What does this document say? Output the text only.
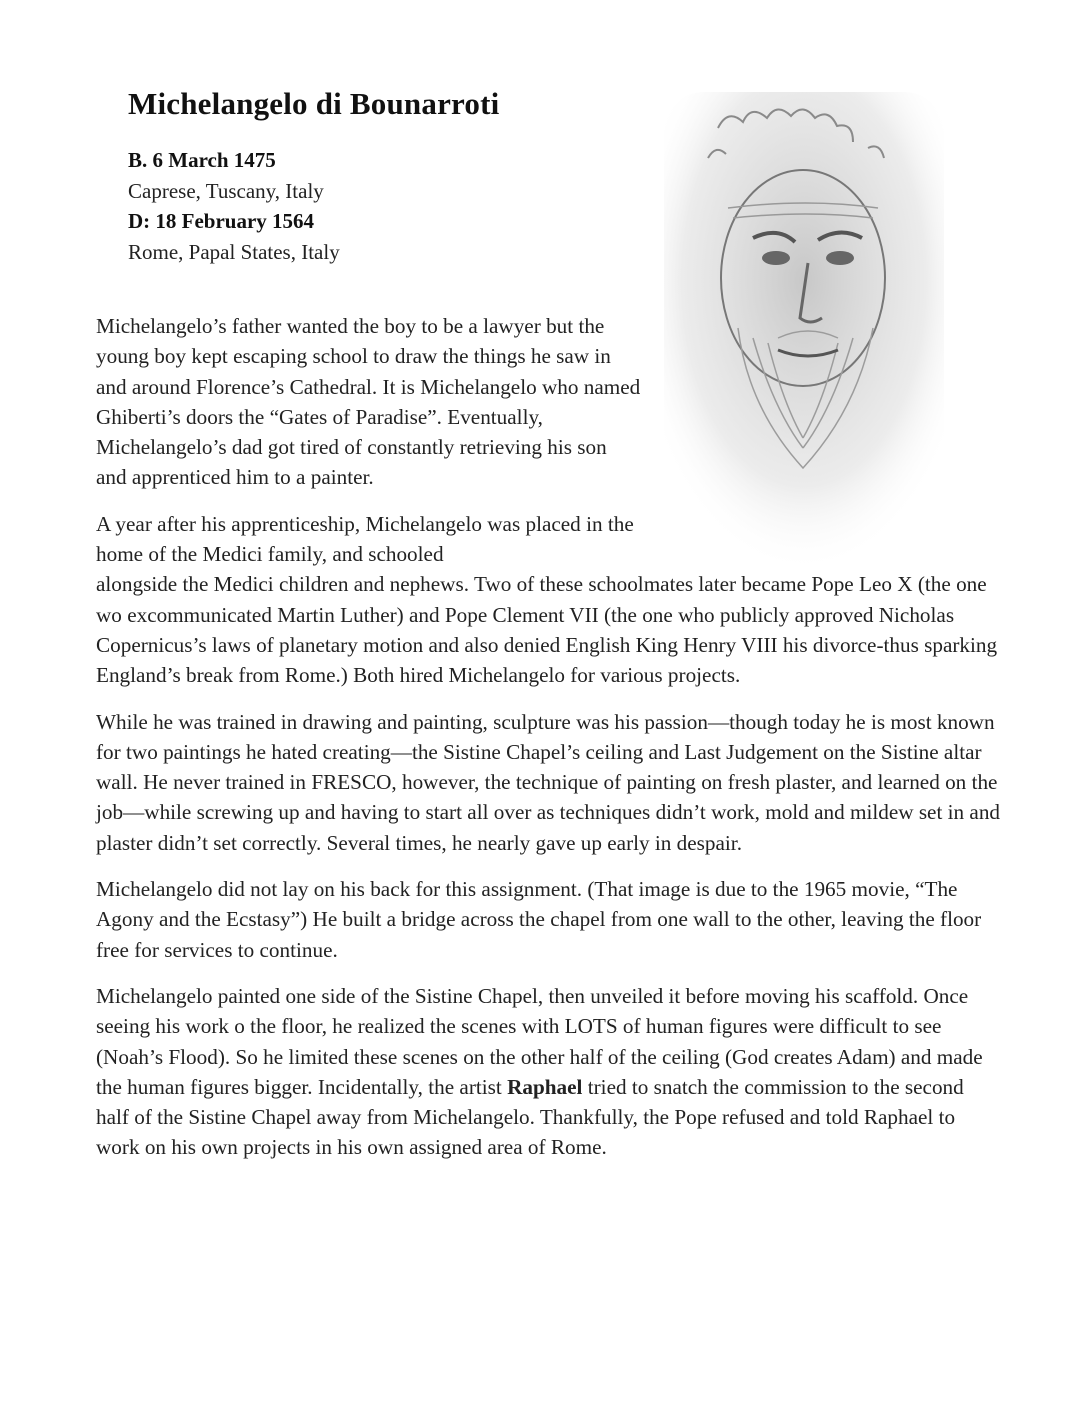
Michelangelo di Bounarroti
B. 6 March 1475
Caprese, Tuscany, Italy
D: 18 February 1564
Rome, Papal States, Italy

Michelangelo’s father wanted the boy to be a lawyer but the young boy kept escaping school to draw the things he saw in and around Florence’s Cathedral. It is Michelangelo who named Ghiberti’s doors the “Gates of Paradise”. Eventually, Michelangelo’s dad got tired of constantly retrieving his son and apprenticed him to a painter.

A year after his apprenticeship, Michelangelo was placed in the home of the Medici family, and schooled
alongside the Medici children and nephews. Two of these schoolmates later became Pope Leo X (the one wo excommunicated Martin Luther) and Pope Clement VII (the one who publicly approved Nicholas Copernicus’s laws of planetary motion and also denied English King Henry VIII his divorce-thus sparking England’s break from Rome.) Both hired Michelangelo for various projects.

While he was trained in drawing and painting, sculpture was his passion—though today he is most known for two paintings he hated creating—the Sistine Chapel’s ceiling and Last Judgement on the Sistine altar wall. He never trained in FRESCO, however, the technique of painting on fresh plaster, and learned on the job—while screwing up and having to start all over as techniques didn’t work, mold and mildew set in and plaster didn’t set correctly. Several times, he nearly gave up early in despair.

Michelangelo did not lay on his back for this assignment. (That image is due to the 1965 movie, “The Agony and the Ecstasy”) He built a bridge across the chapel from one wall to the other, leaving the floor free for services to continue.

Michelangelo painted one side of the Sistine Chapel, then unveiled it before moving his scaffold. Once seeing his work o the floor, he realized the scenes with LOTS of human figures were difficult to see (Noah’s Flood). So he limited these scenes on the other half of the ceiling (God creates Adam) and made the human figures bigger. Incidentally, the artist Raphael tried to snatch the commission to the second half of the Sistine Chapel away from Michelangelo. Thankfully, the Pope refused and told Raphael to work on his own projects in his own assigned area of Rome.
